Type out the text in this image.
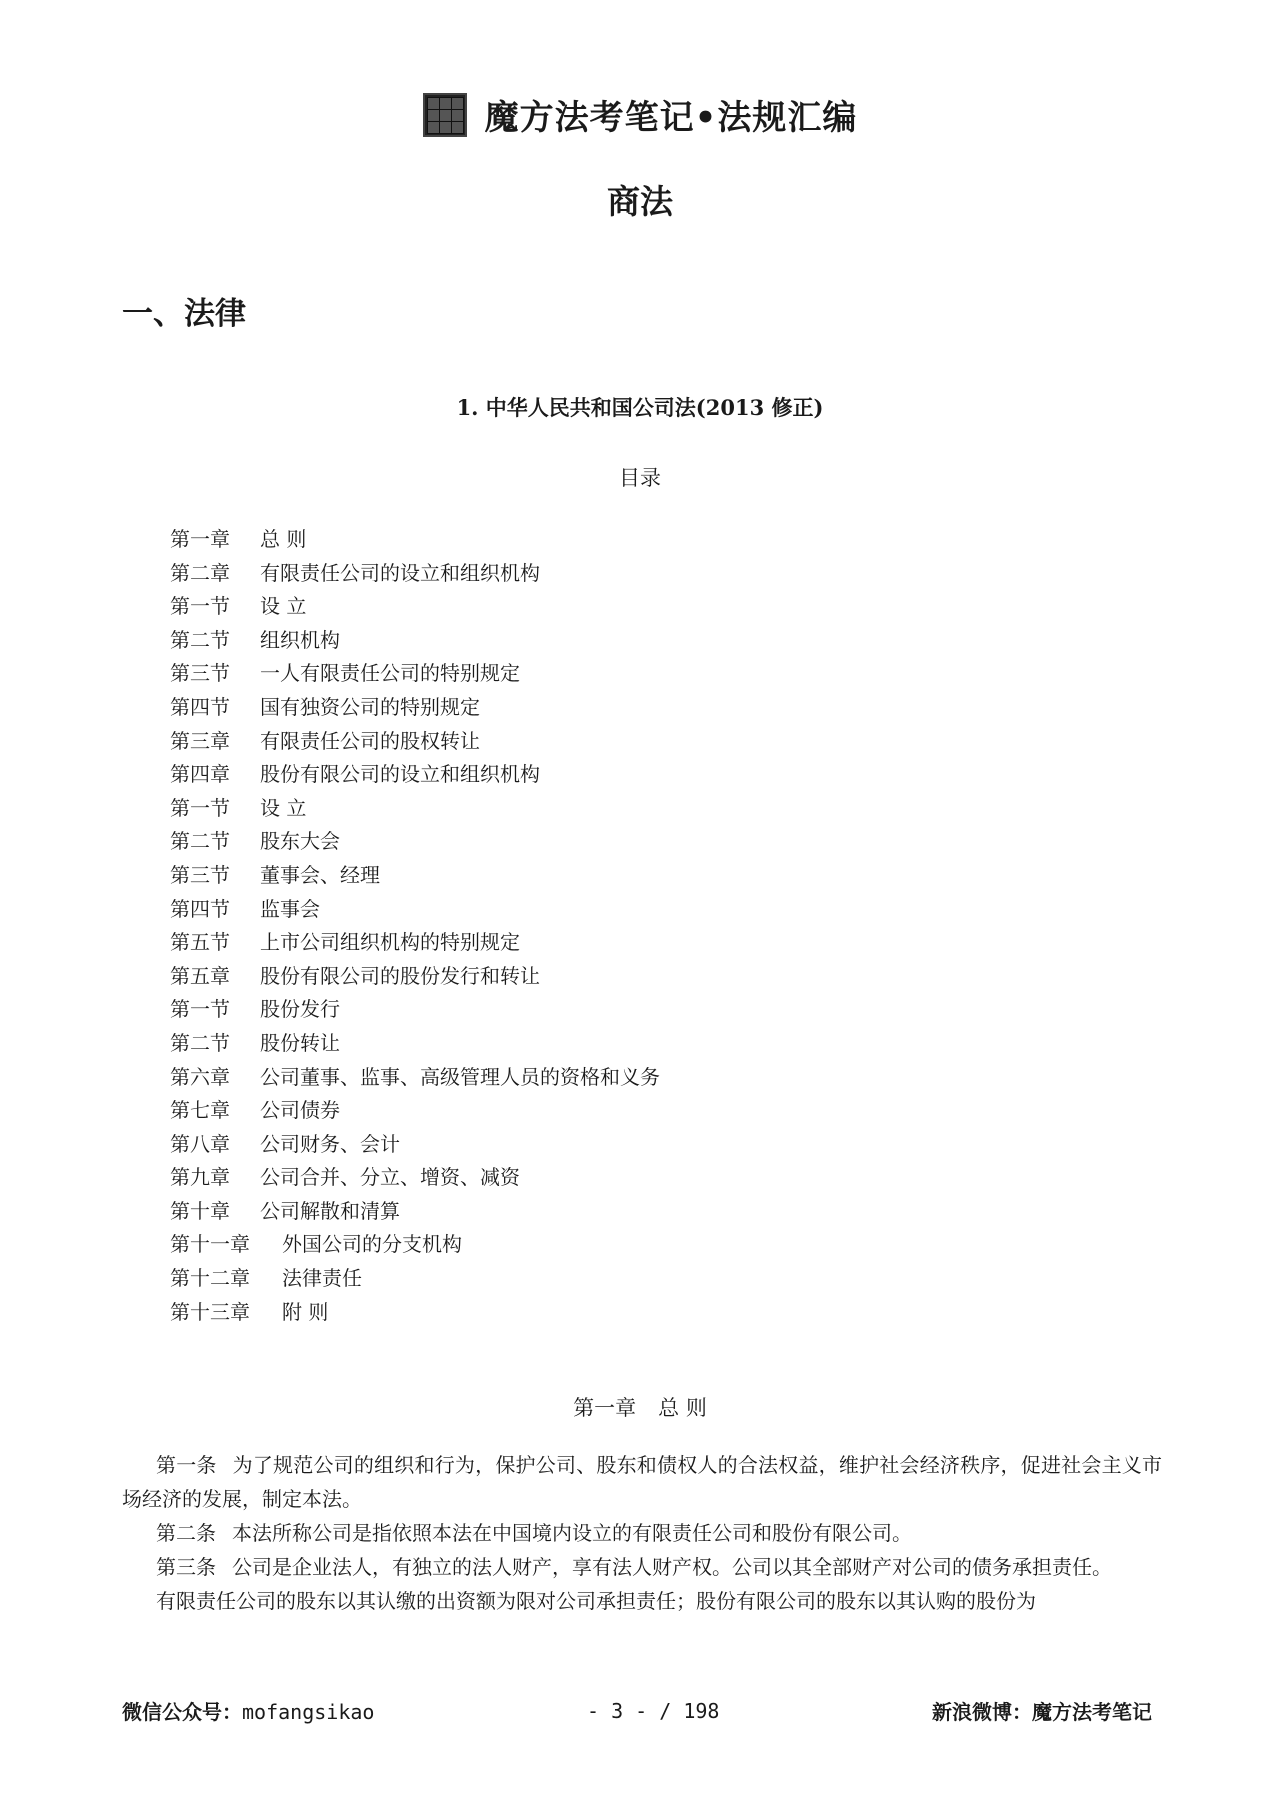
魔方法考笔记•法规汇编
商法
一、法律
1. 中华人民共和国公司法(2013 修正)
目录
第一章 总 则
第二章 有限责任公司的设立和组织机构
第一节 设 立
第二节 组织机构
第三节 一人有限责任公司的特别规定
第四节 国有独资公司的特别规定
第三章 有限责任公司的股权转让
第四章 股份有限公司的设立和组织机构
第一节 设 立
第二节 股东大会
第三节 董事会、经理
第四节 监事会
第五节 上市公司组织机构的特别规定
第五章 股份有限公司的股份发行和转让
第一节 股份发行
第二节 股份转让
第六章 公司董事、监事、高级管理人员的资格和义务
第七章 公司债券
第八章 公司财务、会计
第九章 公司合并、分立、增资、减资
第十章 公司解散和清算
第十一章 外国公司的分支机构
第十二章 法律责任
第十三章 附 则
第一章 总 则

第一条 为了规范公司的组织和行为，保护公司、股东和债权人的合法权益，维护社会经济秩序，促进社会主义市场经济的发展，制定本法。

第二条 本法所称公司是指依照本法在中国境内设立的有限责任公司和股份有限公司。

第三条 公司是企业法人，有独立的法人财产，享有法人财产权。公司以其全部财产对公司的债务承担责任。

有限责任公司的股东以其认缴的出资额为限对公司承担责任；股份有限公司的股东以其认购的股份为

微信公众号：mofangsikao	- 3 - / 198	新浪微博：魔方法考笔记
